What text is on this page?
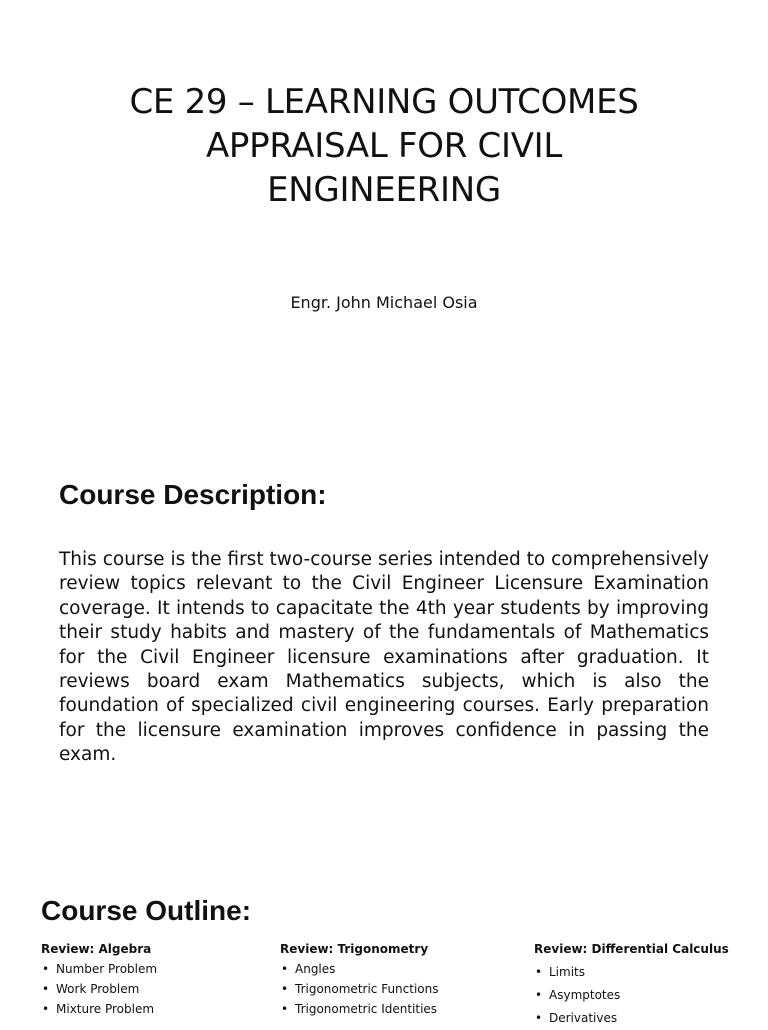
CE 29 – LEARNING OUTCOMES
APPRAISAL FOR CIVIL
ENGINEERING
Engr. John Michael Osia
Course Description:
This course is the first two-course series intended to comprehensively review topics relevant to the Civil Engineer Licensure Examination coverage. It intends to capacitate the 4th year students by improving their study habits and mastery of the fundamentals of Mathematics for the Civil Engineer licensure examinations after graduation. It reviews board exam Mathematics subjects, which is also the foundation of specialized civil engineering courses. Early preparation for the licensure examination improves confidence in passing the exam.
Course Outline:
Review: Algebra
• Number Problem
• Work Problem
• Mixture Problem
Review: Trigonometry
• Angles
• Trigonometric Functions
• Trigonometric Identities
Review: Differential Calculus
• Limits
• Asymptotes
• Derivatives
